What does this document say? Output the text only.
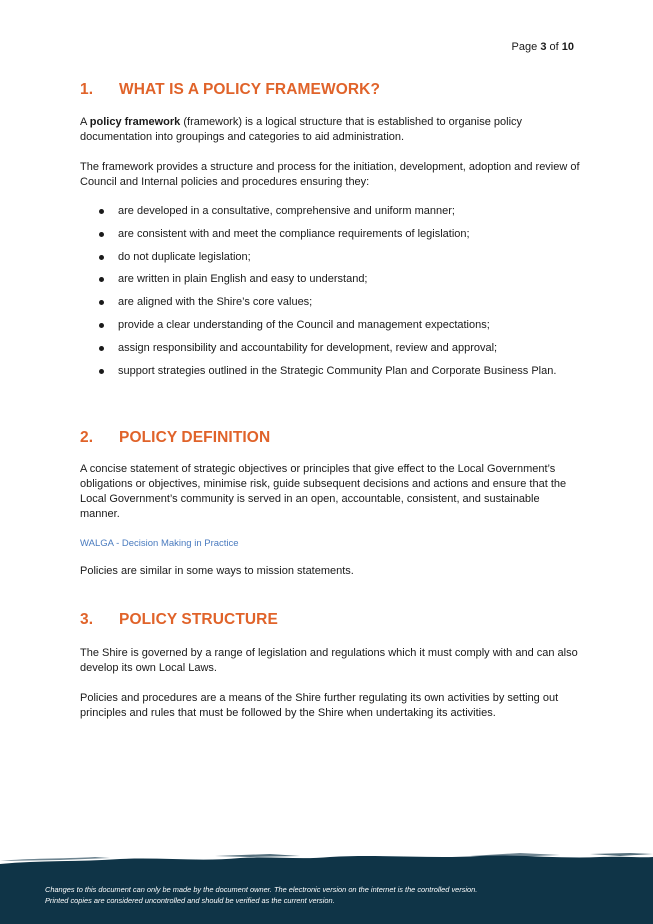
Page 3 of 10
1.	WHAT IS A POLICY FRAMEWORK?

A policy framework (framework) is a logical structure that is established to organise policy documentation into groupings and categories to aid administration.

The framework provides a structure and process for the initiation, development, adoption and review of Council and Internal policies and procedures ensuring they:

are developed in a consultative, comprehensive and uniform manner;
are consistent with and meet the compliance requirements of legislation;
do not duplicate legislation;
are written in plain English and easy to understand;
are aligned with the Shire’s core values;
provide a clear understanding of the Council and management expectations;
assign responsibility and accountability for development, review and approval;
support strategies outlined in the Strategic Community Plan and Corporate Business Plan.
2.	POLICY DEFINITION

A concise statement of strategic objectives or principles that give effect to the Local Government’s obligations or objectives, minimise risk, guide subsequent decisions and actions and ensure that the Local Government’s community is served in an open, accountable, consistent, and sustainable manner.

WALGA - Decision Making in Practice

Policies are similar in some ways to mission statements.

3.	POLICY STRUCTURE

The Shire is governed by a range of legislation and regulations which it must comply with and can also develop its own Local Laws.

Policies and procedures are a means of the Shire further regulating its own activities by setting out principles and rules that must be followed by the Shire when undertaking its activities.

Changes to this document can only be made by the document owner. The electronic version on the internet is the controlled version.
Printed copies are considered uncontrolled and should be verified as the current version.
